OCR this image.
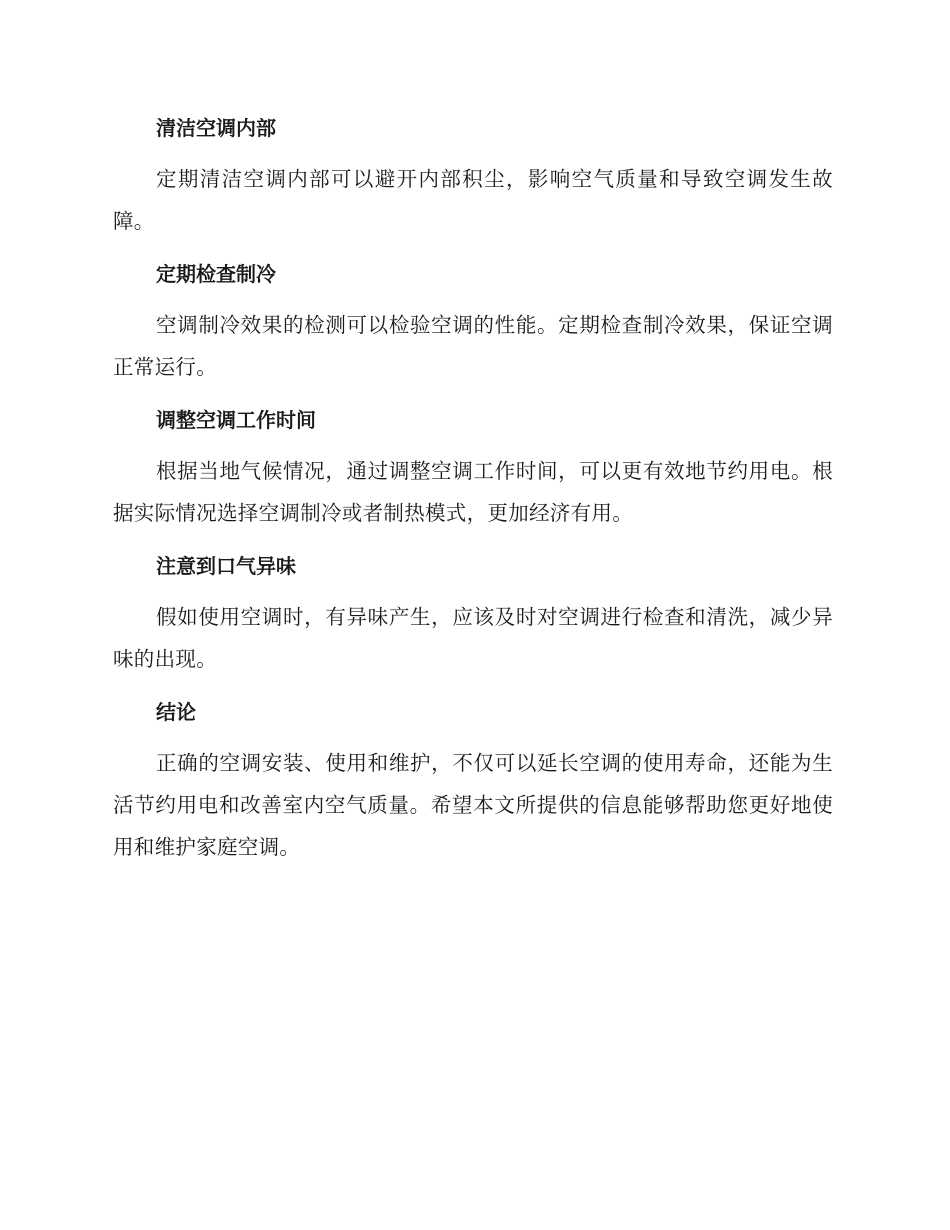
清洁空调内部

定期清洁空调内部可以避开内部积尘，影响空气质量和导致空调发生故障。

定期检查制冷

空调制冷效果的检测可以检验空调的性能。定期检查制冷效果，保证空调正常运行。

调整空调工作时间

根据当地气候情况，通过调整空调工作时间，可以更有效地节约用电。根据实际情况选择空调制冷或者制热模式，更加经济有用。

注意到口气异味

假如使用空调时，有异味产生，应该及时对空调进行检查和清洗，减少异味的出现。

结论

正确的空调安装、使用和维护，不仅可以延长空调的使用寿命，还能为生活节约用电和改善室内空气质量。希望本文所提供的信息能够帮助您更好地使用和维护家庭空调。
